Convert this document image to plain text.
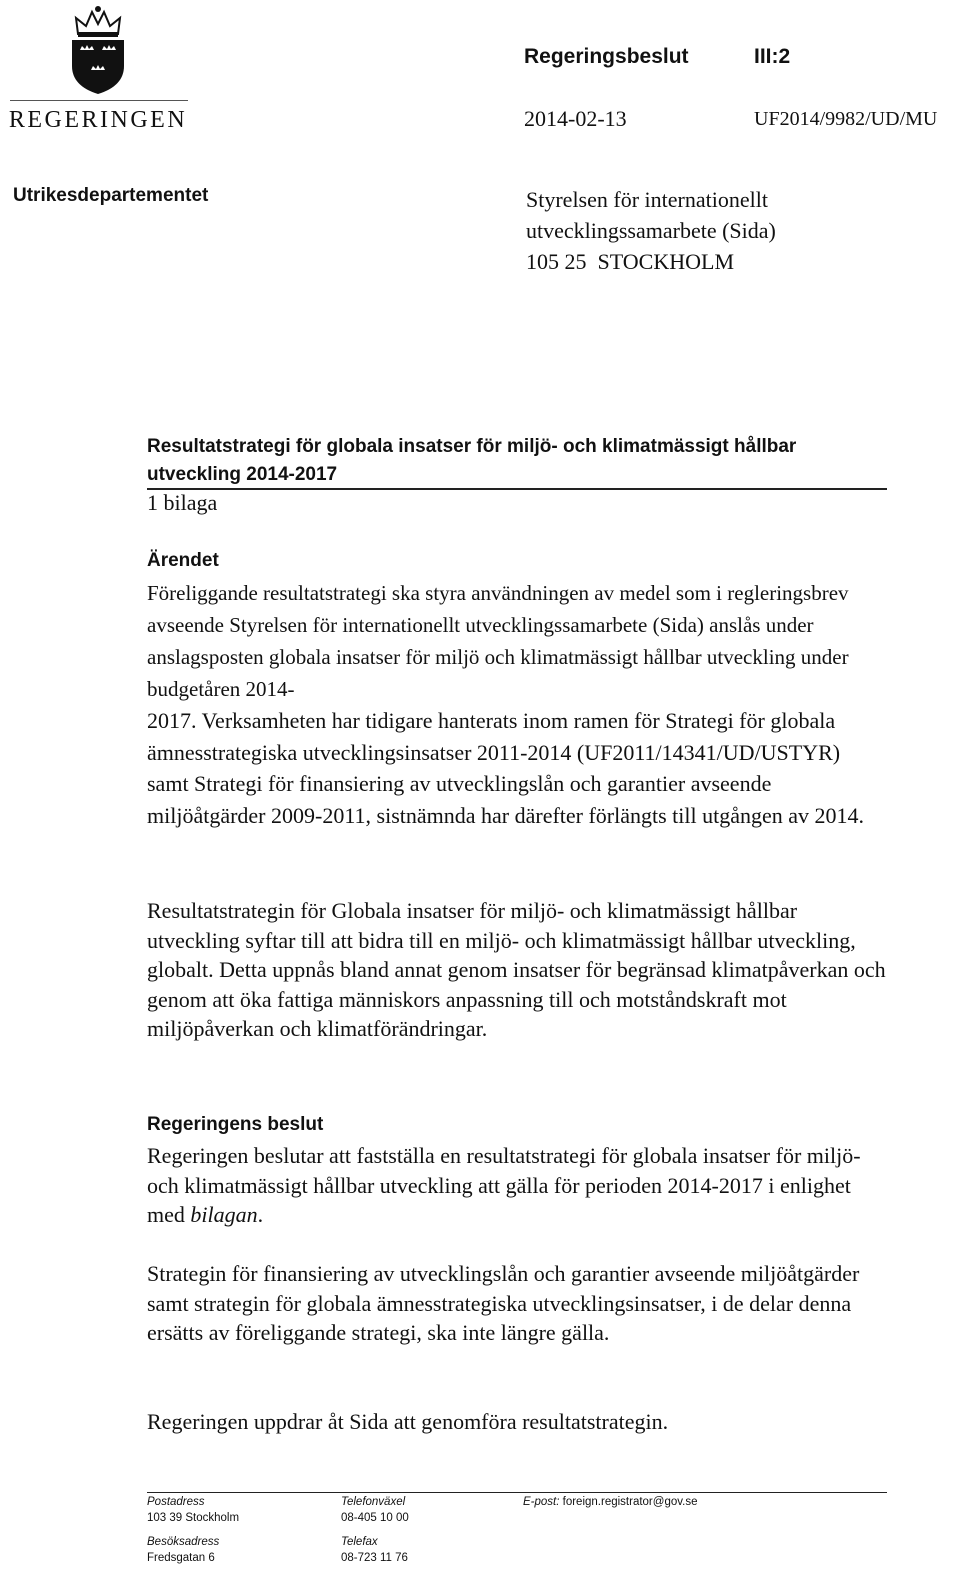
REGERINGEN
Regeringsbeslut	III:2
2014-02-13	UF2014/9982/UD/MU
Utrikesdepartementet	Styrelsen för internationellt
utvecklingssamarbete (Sida)
105 25  STOCKHOLM
Resultatstrategi för globala insatser för miljö- och klimatmässigt hållbar utveckling 2014-2017
1 bilaga
Ärendet
Föreliggande resultatstrategi ska styra användningen av medel som i regleringsbrev avseende Styrelsen för internationellt utvecklingssamarbete (Sida) anslås under anslagsposten globala insatser för miljö och klimatmässigt hållbar utveckling under budgetåren 2014-
2017. Verksamheten har tidigare hanterats inom ramen för Strategi för globala ämnesstrategiska utvecklingsinsatser 2011-2014 (UF2011/14341/UD/USTYR) samt Strategi för finansiering av utvecklingslån och garantier avseende miljöåtgärder 2009-2011, sistnämnda har därefter förlängts till utgången av 2014.
Resultatstrategin för Globala insatser för miljö- och klimatmässigt hållbar utveckling syftar till att bidra till en miljö- och klimatmässigt hållbar utveckling, globalt. Detta uppnås bland annat genom insatser för begränsad klimatpåverkan och genom att öka fattiga människors anpassning till och motståndskraft mot miljöpåverkan och klimatförändringar.
Regeringens beslut
Regeringen beslutar att fastställa en resultatstrategi för globala insatser för miljö- och klimatmässigt hållbar utveckling att gälla för perioden 2014-2017 i enlighet med bilagan.
Strategin för finansiering av utvecklingslån och garantier avseende miljöåtgärder samt strategin för globala ämnesstrategiska utvecklingsinsatser, i de delar denna ersätts av föreliggande strategi, ska inte längre gälla.
Regeringen uppdrar åt Sida att genomföra resultatstrategin.
Postadress
103 39 Stockholm
Besöksadress
Fredsgatan 6
Telefonväxel
08-405 10 00
Telefax
08-723 11 76
E-post: foreign.registrator@gov.se
